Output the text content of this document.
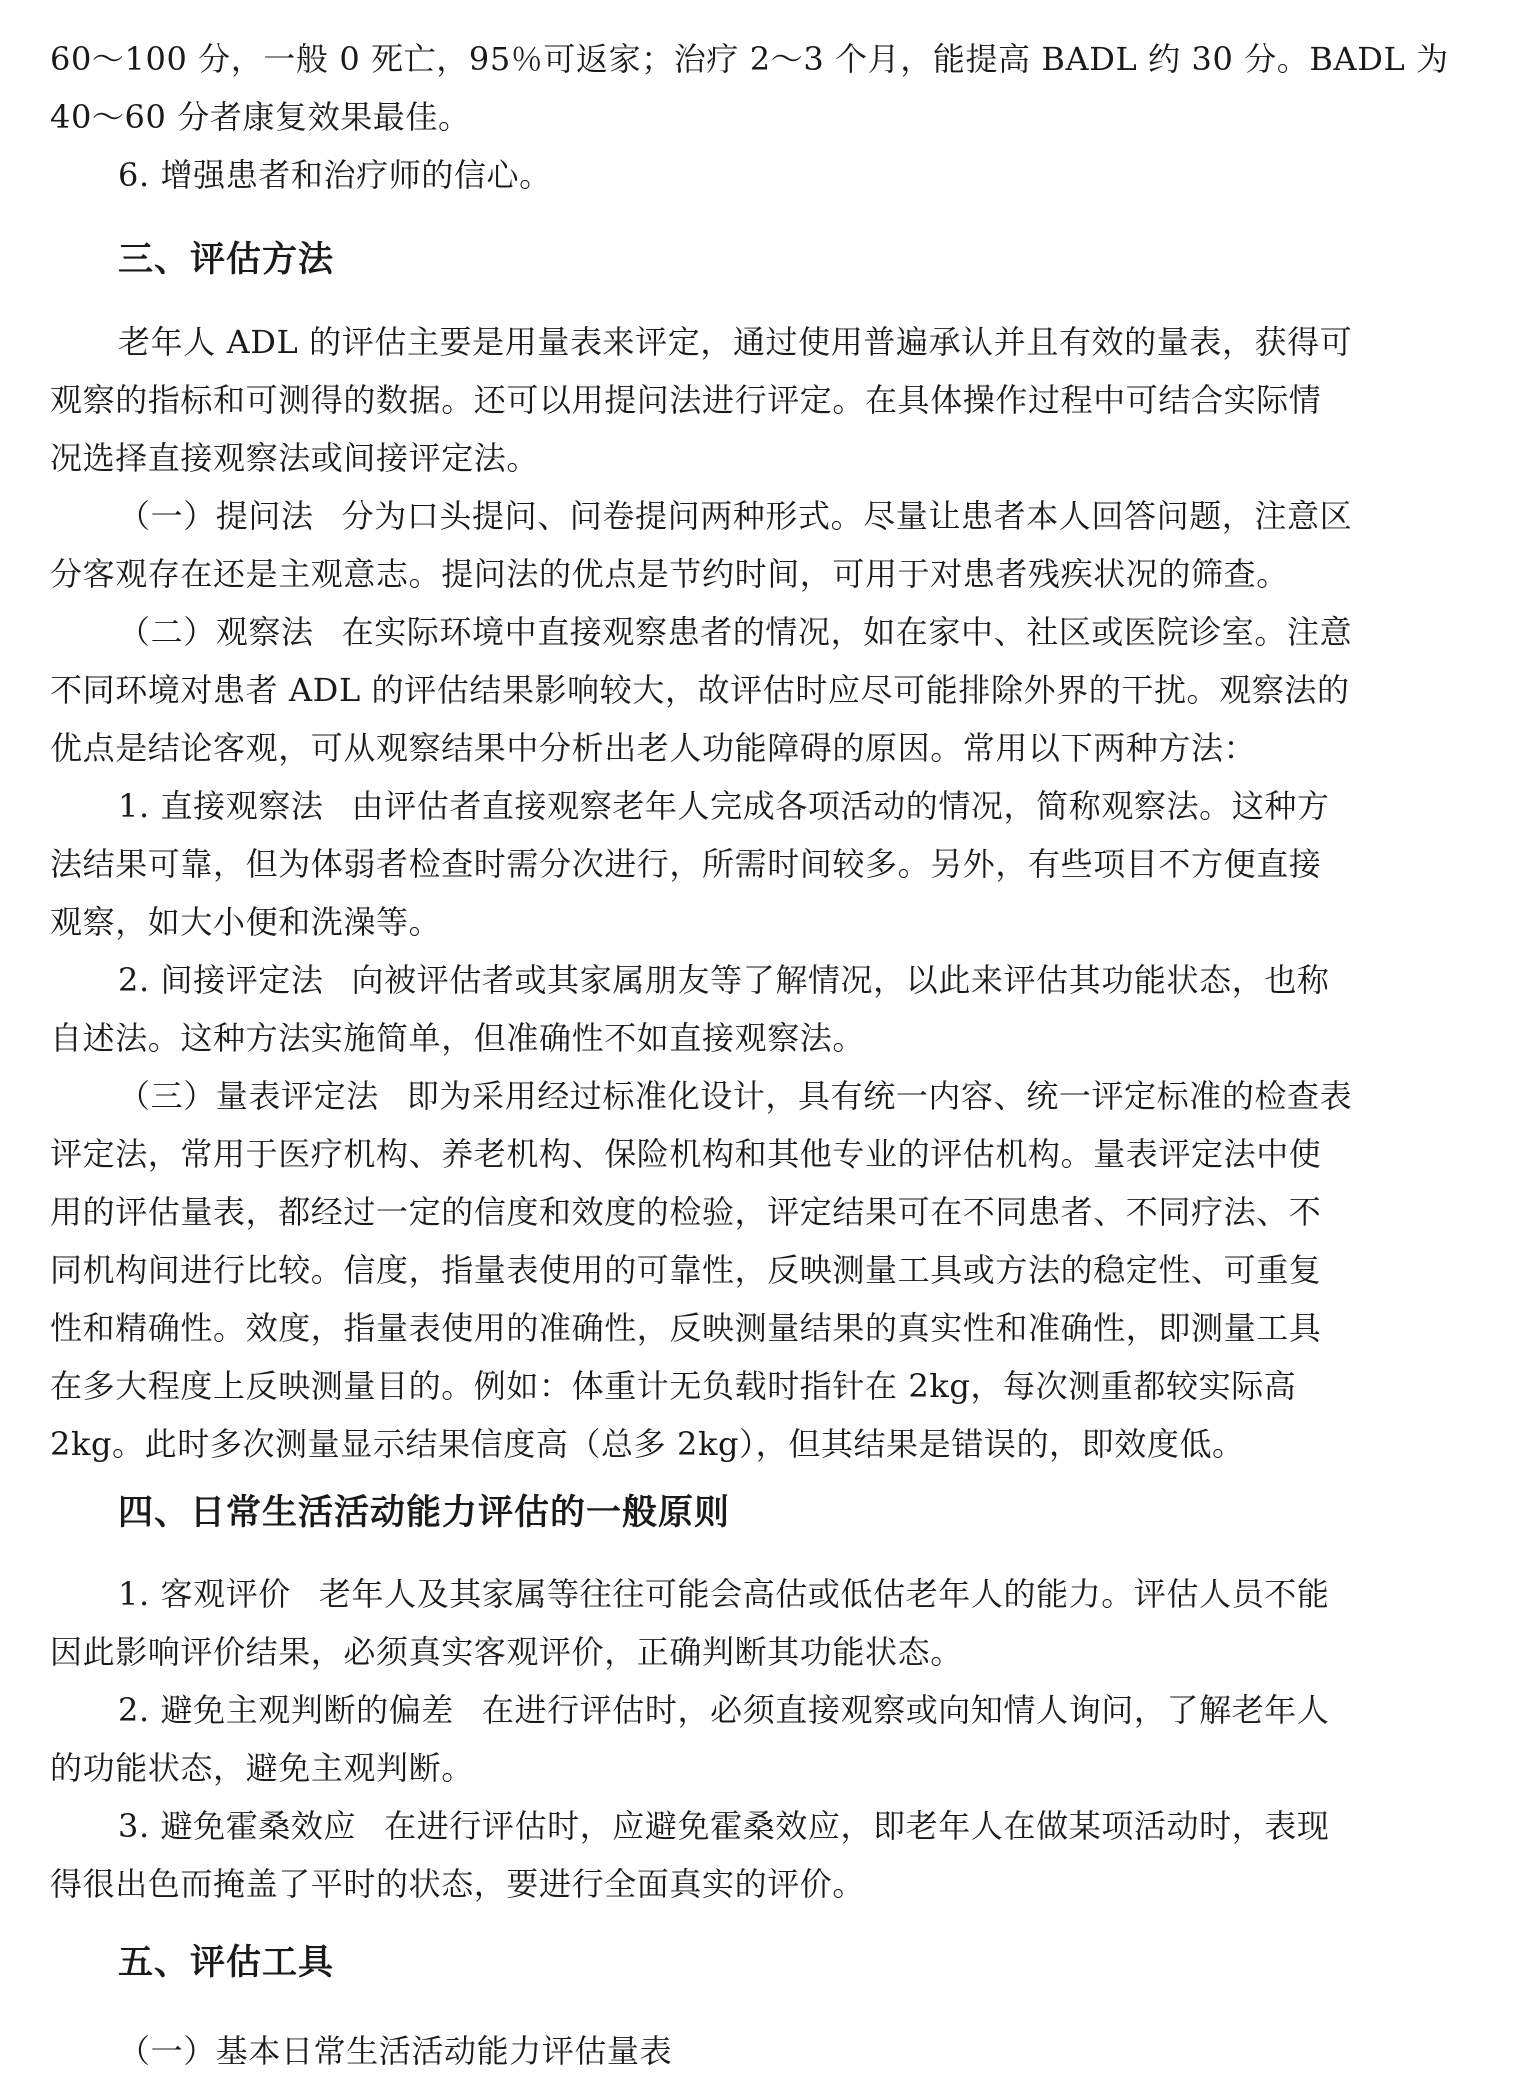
60～100 分，一般 0 死亡，95％可返家；治疗 2～3 个月，能提高 BADL 约 30 分。BADL 为
40～60 分者康复效果最佳。
6. 增强患者和治疗师的信心。
三、评估方法
老年人 ADL 的评估主要是用量表来评定，通过使用普遍承认并且有效的量表，获得可
观察的指标和可测得的数据。还可以用提问法进行评定。在具体操作过程中可结合实际情
况选择直接观察法或间接评定法。
（一）提问法 分为口头提问、问卷提问两种形式。尽量让患者本人回答问题，注意区
分客观存在还是主观意志。提问法的优点是节约时间，可用于对患者残疾状况的筛查。
（二）观察法 在实际环境中直接观察患者的情况，如在家中、社区或医院诊室。注意
不同环境对患者 ADL 的评估结果影响较大，故评估时应尽可能排除外界的干扰。观察法的
优点是结论客观，可从观察结果中分析出老人功能障碍的原因。常用以下两种方法：
1. 直接观察法 由评估者直接观察老年人完成各项活动的情况，简称观察法。这种方
法结果可靠，但为体弱者检查时需分次进行，所需时间较多。另外，有些项目不方便直接
观察，如大小便和洗澡等。
2. 间接评定法 向被评估者或其家属朋友等了解情况，以此来评估其功能状态，也称
自述法。这种方法实施简单，但准确性不如直接观察法。
（三）量表评定法 即为采用经过标准化设计，具有统一内容、统一评定标准的检查表
评定法，常用于医疗机构、养老机构、保险机构和其他专业的评估机构。量表评定法中使
用的评估量表，都经过一定的信度和效度的检验，评定结果可在不同患者、不同疗法、不
同机构间进行比较。信度，指量表使用的可靠性，反映测量工具或方法的稳定性、可重复
性和精确性。效度，指量表使用的准确性，反映测量结果的真实性和准确性，即测量工具
在多大程度上反映测量目的。例如：体重计无负载时指针在 2kg，每次测重都较实际高
2kg。此时多次测量显示结果信度高（总多 2kg），但其结果是错误的，即效度低。
四、日常生活活动能力评估的一般原则
1. 客观评价 老年人及其家属等往往可能会高估或低估老年人的能力。评估人员不能
因此影响评价结果，必须真实客观评价，正确判断其功能状态。
2. 避免主观判断的偏差 在进行评估时，必须直接观察或向知情人询问，了解老年人
的功能状态，避免主观判断。
3. 避免霍桑效应 在进行评估时，应避免霍桑效应，即老年人在做某项活动时，表现
得很出色而掩盖了平时的状态，要进行全面真实的评价。
五、评估工具
（一）基本日常生活活动能力评估量表
